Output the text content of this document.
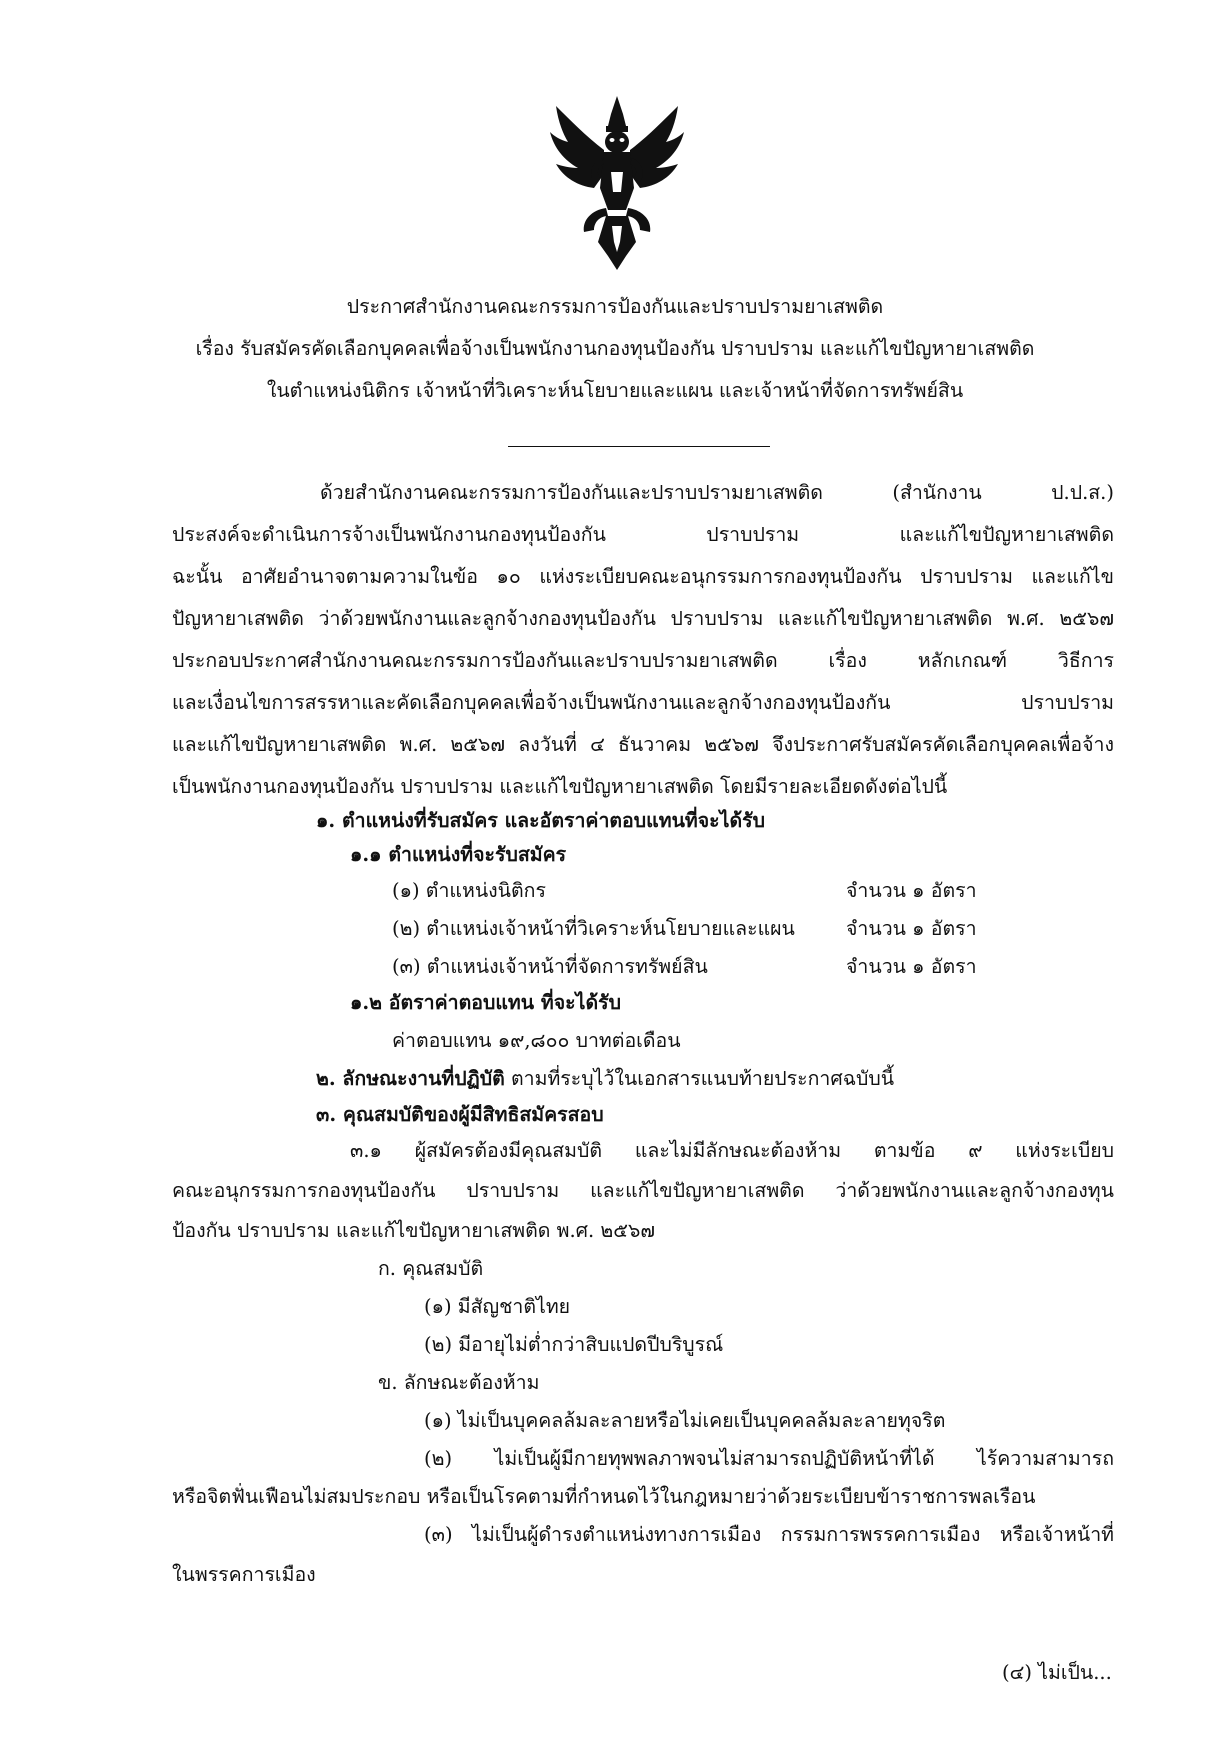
ประกาศสำนักงานคณะกรรมการป้องกันและปราบปรามยาเสพติด
เรื่อง รับสมัครคัดเลือกบุคคลเพื่อจ้างเป็นพนักงานกองทุนป้องกัน ปราบปราม และแก้ไขปัญหายาเสพติด
ในตำแหน่งนิติกร เจ้าหน้าที่วิเคราะห์นโยบายและแผน และเจ้าหน้าที่จัดการทรัพย์สิน
ด้วยสำนักงานคณะกรรมการป้องกันและปราบปรามยาเสพติด (สำนักงาน ป.ป.ส.)
ประสงค์จะดำเนินการจ้างเป็นพนักงานกองทุนป้องกัน ปราบปราม และแก้ไขปัญหายาเสพติด
ฉะนั้น อาศัยอำนาจตามความในข้อ ๑๐ แห่งระเบียบคณะอนุกรรมการกองทุนป้องกัน ปราบปราม และแก้ไข
ปัญหายาเสพติด ว่าด้วยพนักงานและลูกจ้างกองทุนป้องกัน ปราบปราม และแก้ไขปัญหายาเสพติด พ.ศ. ๒๕๖๗
ประกอบประกาศสำนักงานคณะกรรมการป้องกันและปราบปรามยาเสพติด เรื่อง หลักเกณฑ์ วิธีการ
และเงื่อนไขการสรรหาและคัดเลือกบุคคลเพื่อจ้างเป็นพนักงานและลูกจ้างกองทุนป้องกัน ปราบปราม
และแก้ไขปัญหายาเสพติด พ.ศ. ๒๕๖๗ ลงวันที่ ๔ ธันวาคม ๒๕๖๗ จึงประกาศรับสมัครคัดเลือกบุคคลเพื่อจ้าง
เป็นพนักงานกองทุนป้องกัน ปราบปราม และแก้ไขปัญหายาเสพติด โดยมีรายละเอียดดังต่อไปนี้
๑. ตำแหน่งที่รับสมัคร และอัตราค่าตอบแทนที่จะได้รับ
๑.๑ ตำแหน่งที่จะรับสมัคร
(๑) ตำแหน่งนิติกร	จำนวน ๑ อัตรา
(๒) ตำแหน่งเจ้าหน้าที่วิเคราะห์นโยบายและแผน	จำนวน ๑ อัตรา
(๓) ตำแหน่งเจ้าหน้าที่จัดการทรัพย์สิน	จำนวน ๑ อัตรา
๑.๒ อัตราค่าตอบแทน ที่จะได้รับ
ค่าตอบแทน ๑๙,๘๐๐ บาทต่อเดือน
๒. ลักษณะงานที่ปฏิบัติ ตามที่ระบุไว้ในเอกสารแนบท้ายประกาศฉบับนี้
๓. คุณสมบัติของผู้มีสิทธิสมัครสอบ
๓.๑ ผู้สมัครต้องมีคุณสมบัติ และไม่มีลักษณะต้องห้าม ตามข้อ ๙ แห่งระเบียบ
คณะอนุกรรมการกองทุนป้องกัน ปราบปราม และแก้ไขปัญหายาเสพติด ว่าด้วยพนักงานและลูกจ้างกองทุน
ป้องกัน ปราบปราม และแก้ไขปัญหายาเสพติด พ.ศ. ๒๕๖๗
ก. คุณสมบัติ
(๑) มีสัญชาติไทย
(๒) มีอายุไม่ต่ำกว่าสิบแปดปีบริบูรณ์
ข. ลักษณะต้องห้าม
(๑) ไม่เป็นบุคคลล้มละลายหรือไม่เคยเป็นบุคคลล้มละลายทุจริต
(๒) ไม่เป็นผู้มีกายทุพพลภาพจนไม่สามารถปฏิบัติหน้าที่ได้ ไร้ความสามารถ
หรือจิตฟั่นเฟือนไม่สมประกอบ หรือเป็นโรคตามที่กำหนดไว้ในกฎหมายว่าด้วยระเบียบข้าราชการพลเรือน
(๓) ไม่เป็นผู้ดำรงตำแหน่งทางการเมือง กรรมการพรรคการเมือง หรือเจ้าหน้าที่
ในพรรคการเมือง
(๔) ไม่เป็น...
